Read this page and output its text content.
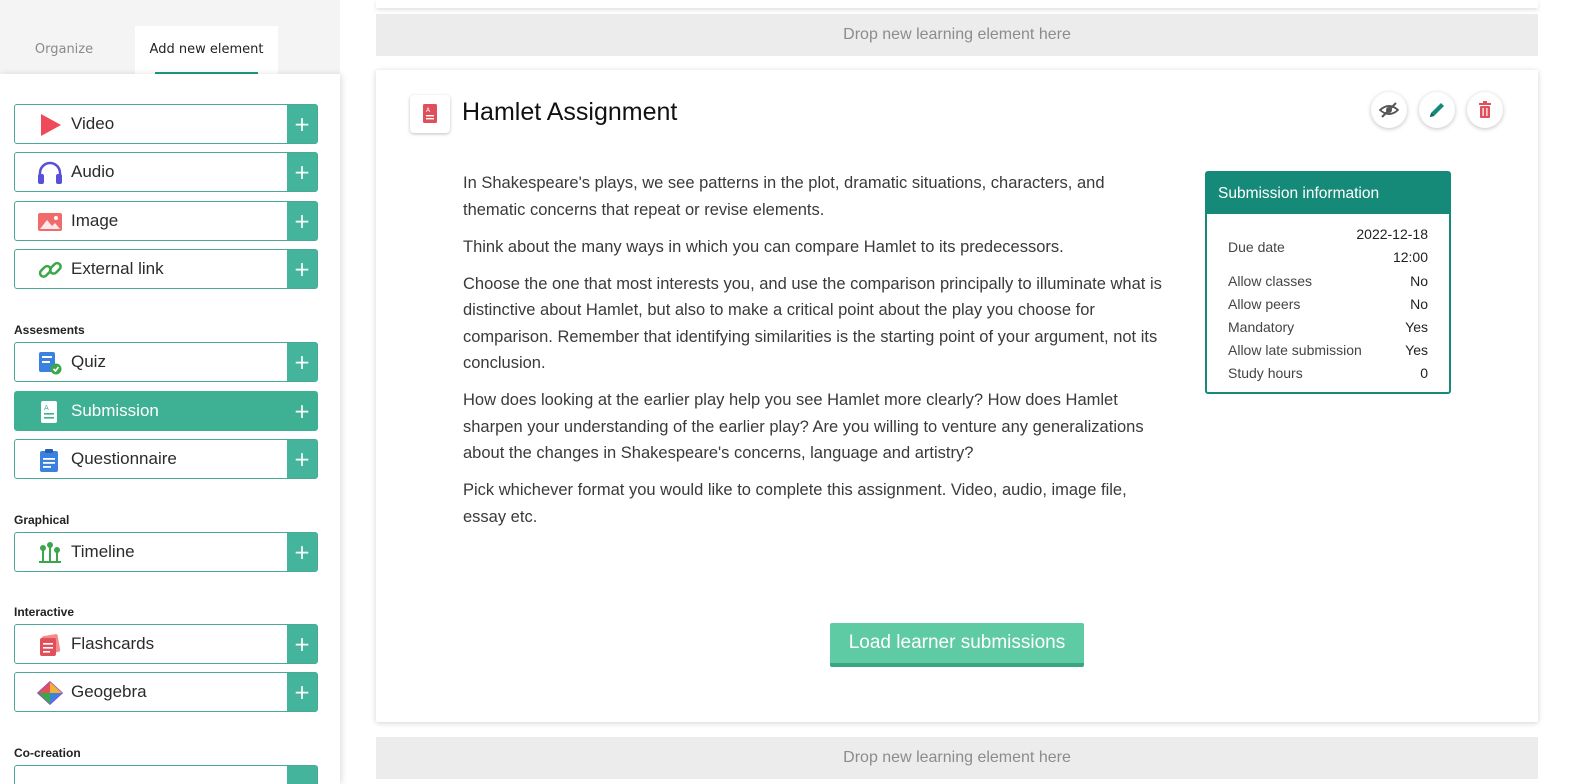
Organize	Add new element
Video	+
Audio	+
Image	+
External link	+
Assesments
Quiz	+
A Submission	+
Questionnaire	+
Graphical
Timeline	+
Interactive
Flashcards	+
Geogebra	+
Co-creation
Drop new learning element here
A Hamlet Assignment

In Shakespeare's plays, we see patterns in the plot, dramatic situations, characters, and thematic concerns that repeat or revise elements.

Think about the many ways in which you can compare Hamlet to its predecessors.

Choose the one that most interests you, and use the comparison principally to illuminate what is distinctive about Hamlet, but also to make a critical point about the play you choose for comparison. Remember that identifying similarities is the starting point of your argument, not its conclusion.

How does looking at the earlier play help you see Hamlet more clearly? How does Hamlet sharpen your understanding of the earlier play? Are you willing to venture any generalizations about the changes in Shakespeare's concerns, language and artistry?

Pick whichever format you would like to complete this assignment. Video, audio, image file, essay etc.

Submission information
Due date
2022-12-18
12:00
Allow classes	No
Allow peers	No
Mandatory	Yes
Allow late submission	Yes
Study hours	0
Load learner submissions
Drop new learning element here
